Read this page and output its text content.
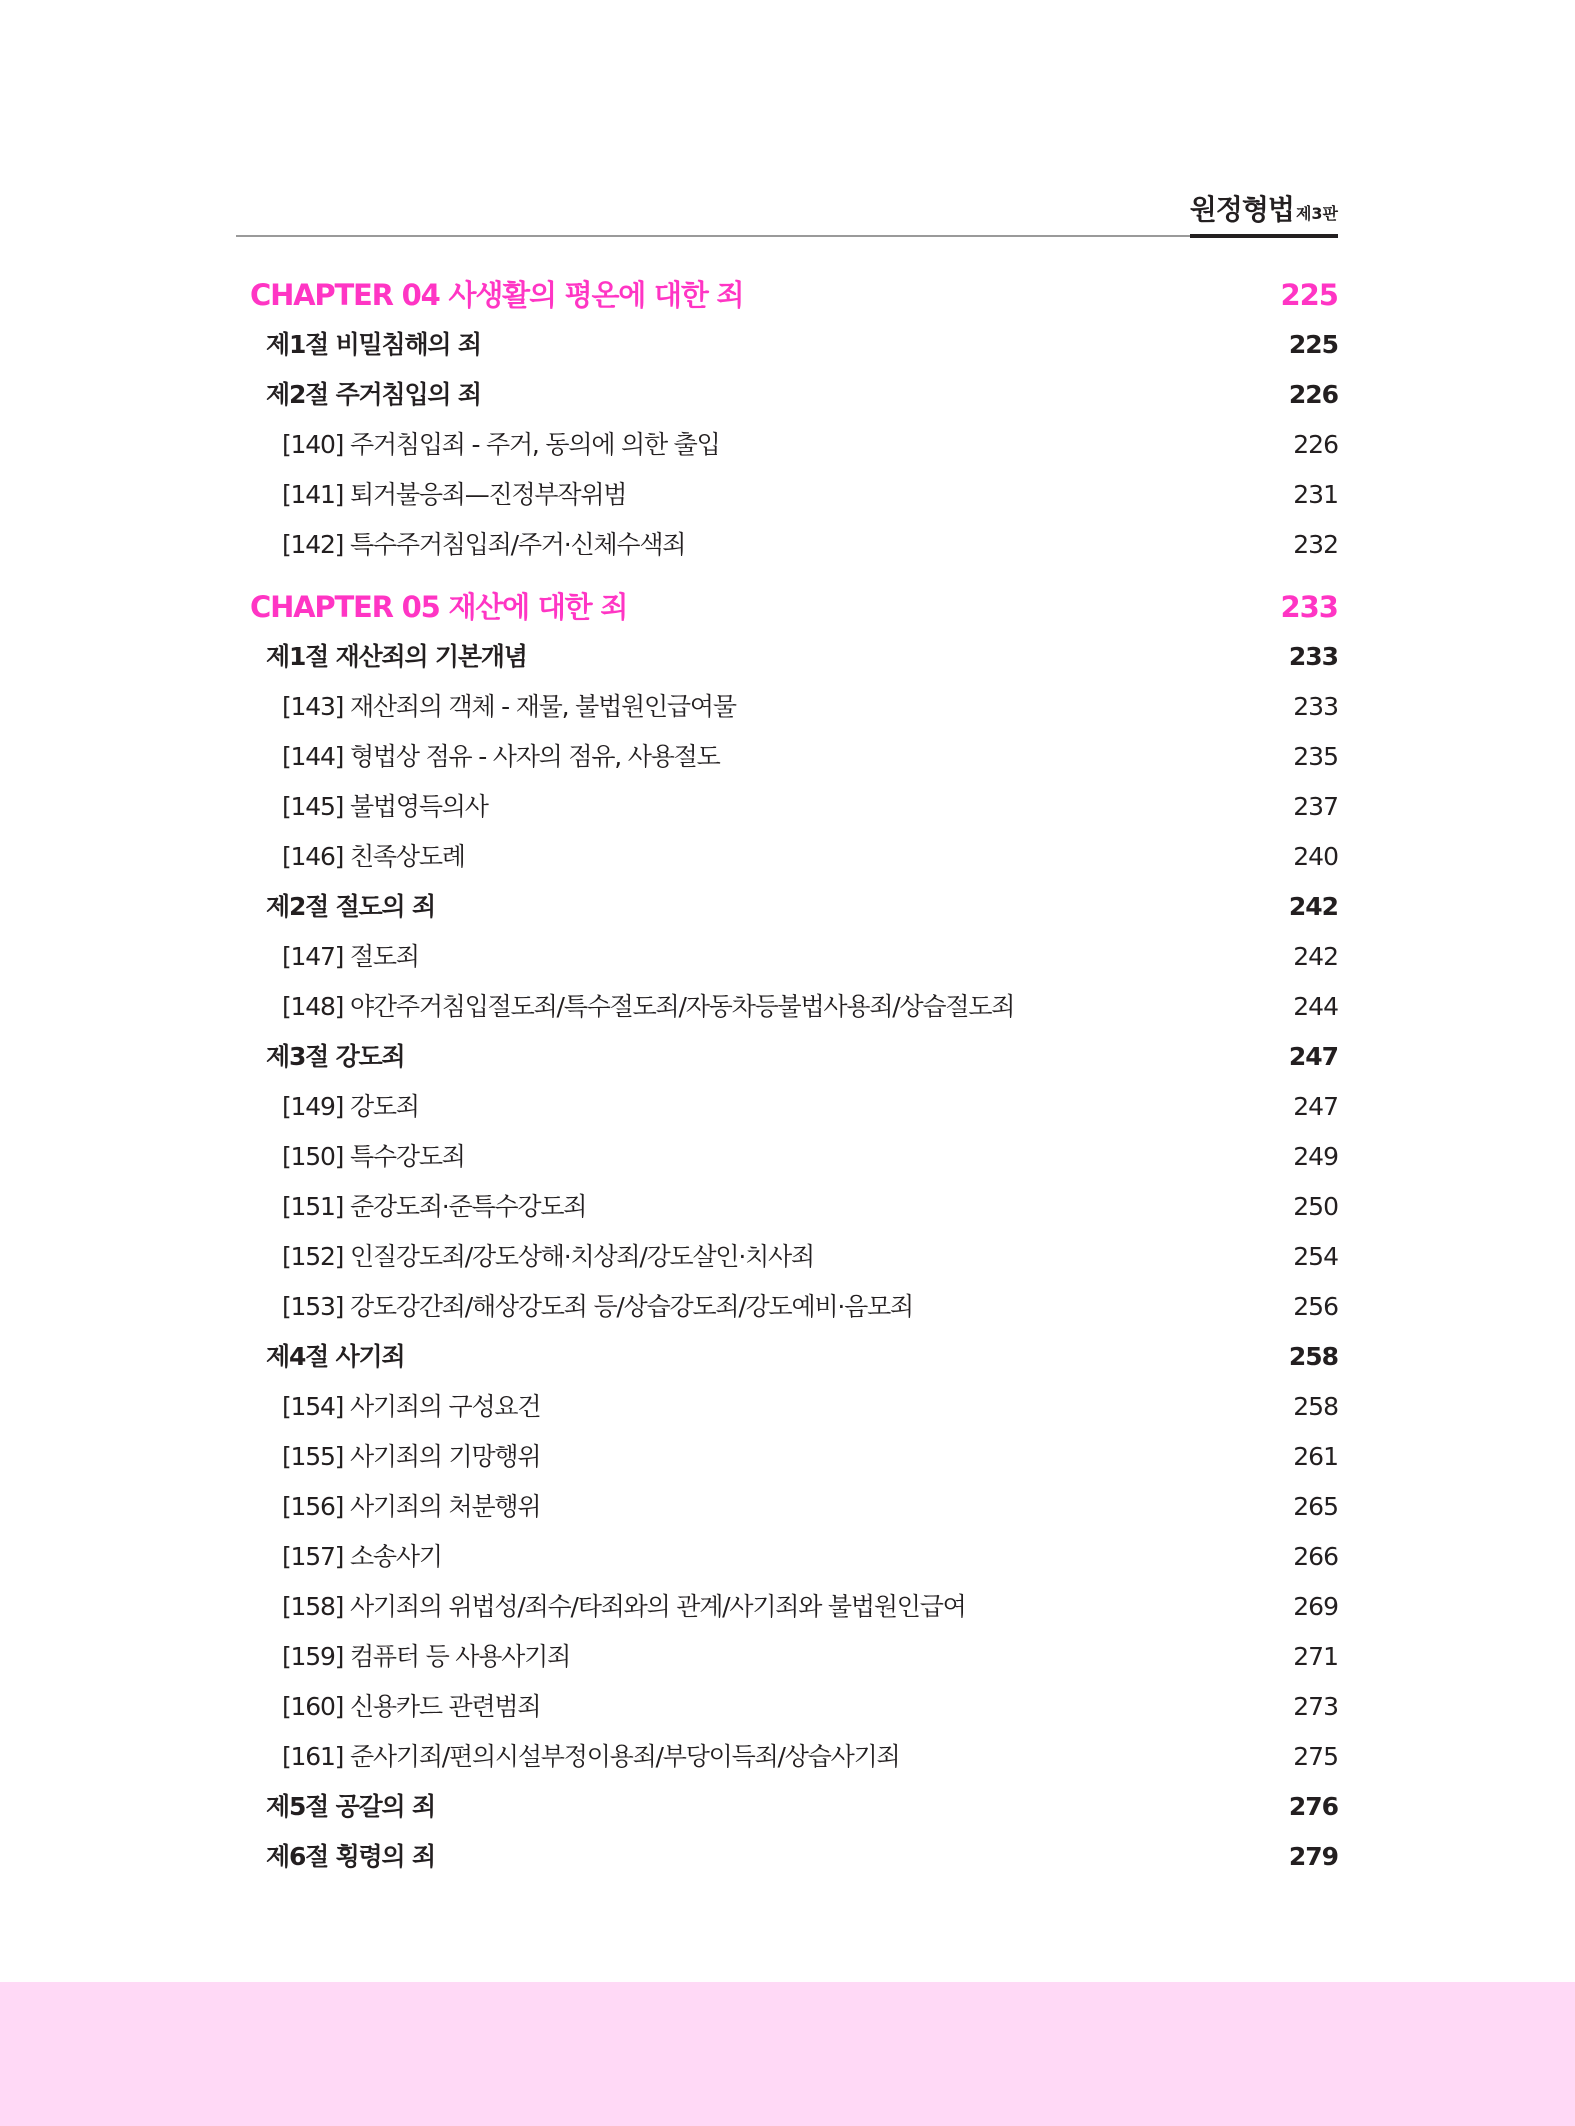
원정형법 제3판
CHAPTER 04 사생활의 평온에 대한 죄	225
제1절 비밀침해의 죄	225
제2절 주거침입의 죄	226
[140] 주거침입죄 - 주거, 동의에 의한 출입	226
[141] 퇴거불응죄—진정부작위범	231
[142] 특수주거침입죄/주거·신체수색죄	232
CHAPTER 05 재산에 대한 죄	233
제1절 재산죄의 기본개념	233
[143] 재산죄의 객체 - 재물, 불법원인급여물	233
[144] 형법상 점유 - 사자의 점유, 사용절도	235
[145] 불법영득의사	237
[146] 친족상도례	240
제2절 절도의 죄	242
[147] 절도죄	242
[148] 야간주거침입절도죄/특수절도죄/자동차등불법사용죄/상습절도죄	244
제3절 강도죄	247
[149] 강도죄	247
[150] 특수강도죄	249
[151] 준강도죄·준특수강도죄	250
[152] 인질강도죄/강도상해·치상죄/강도살인·치사죄	254
[153] 강도강간죄/해상강도죄 등/상습강도죄/강도예비·음모죄	256
제4절 사기죄	258
[154] 사기죄의 구성요건	258
[155] 사기죄의 기망행위	261
[156] 사기죄의 처분행위	265
[157] 소송사기	266
[158] 사기죄의 위법성/죄수/타죄와의 관계/사기죄와 불법원인급여	269
[159] 컴퓨터 등 사용사기죄	271
[160] 신용카드 관련범죄	273
[161] 준사기죄/편의시설부정이용죄/부당이득죄/상습사기죄	275
제5절 공갈의 죄	276
제6절 횡령의 죄	279
